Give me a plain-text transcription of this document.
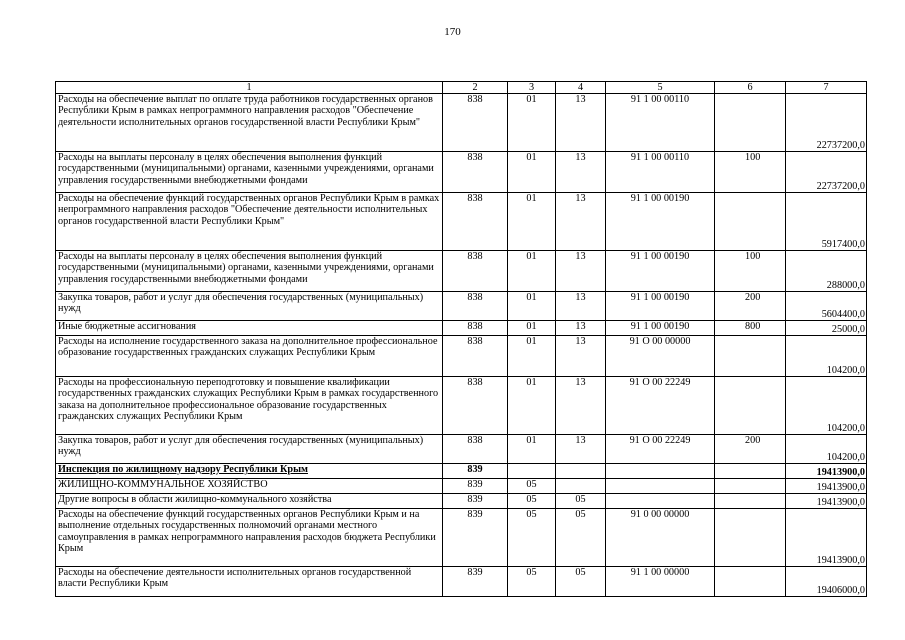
170
1	2	3	4	5	6	7
Расходы на обеспечение выплат по оплате труда работников государственных органов Республики Крым в рамках непрограммного направления расходов "Обеспечение деятельности исполнительных органов государственной власти Республики Крым"	838	01	13	91 1 00 00110		22737200,0
Расходы на выплаты персоналу в целях обеспечения выполнения функций государственными (муниципальными) органами, казенными учреждениями, органами управления государственными внебюджетными фондами	838	01	13	91 1 00 00110	100	22737200,0
Расходы на обеспечение функций государственных органов Республики Крым в рамках непрограммного направления расходов "Обеспечение деятельности исполнительных органов государственной власти Республики Крым"	838	01	13	91 1 00 00190		5917400,0
Расходы на выплаты персоналу в целях обеспечения выполнения функций государственными (муниципальными) органами, казенными учреждениями, органами управления государственными внебюджетными фондами	838	01	13	91 1 00 00190	100	288000,0
Закупка товаров, работ и услуг для обеспечения государственных (муниципальных) нужд	838	01	13	91 1 00 00190	200	5604400,0
Иные бюджетные ассигнования	838	01	13	91 1 00 00190	800	25000,0
Расходы на исполнение государственного заказа на дополнительное профессиональное образование государственных гражданских служащих Республики Крым	838	01	13	91 О 00 00000		104200,0
Расходы на профессиональную переподготовку и повышение квалификации государственных гражданских служащих Республики Крым в рамках государственного заказа на дополнительное профессиональное образование государственных гражданских служащих Республики Крым	838	01	13	91 О 00 22249		104200,0
Закупка товаров, работ и услуг для обеспечения государственных (муниципальных) нужд	838	01	13	91 О 00 22249	200	104200,0
Инспекция по жилищному надзору Республики Крым	839					19413900,0
ЖИЛИЩНО-КОММУНАЛЬНОЕ ХОЗЯЙСТВО	839	05				19413900,0
Другие вопросы в области жилищно-коммунального хозяйства	839	05	05			19413900,0
Расходы на обеспечение функций государственных органов Республики Крым и на выполнение отдельных государственных полномочий органами местного самоуправления в рамках непрограммного направления расходов бюджета Республики Крым	839	05	05	91 0 00 00000		19413900,0
Расходы на обеспечение деятельности исполнительных органов государственной власти Республики Крым	839	05	05	91 1 00 00000		19406000,0
